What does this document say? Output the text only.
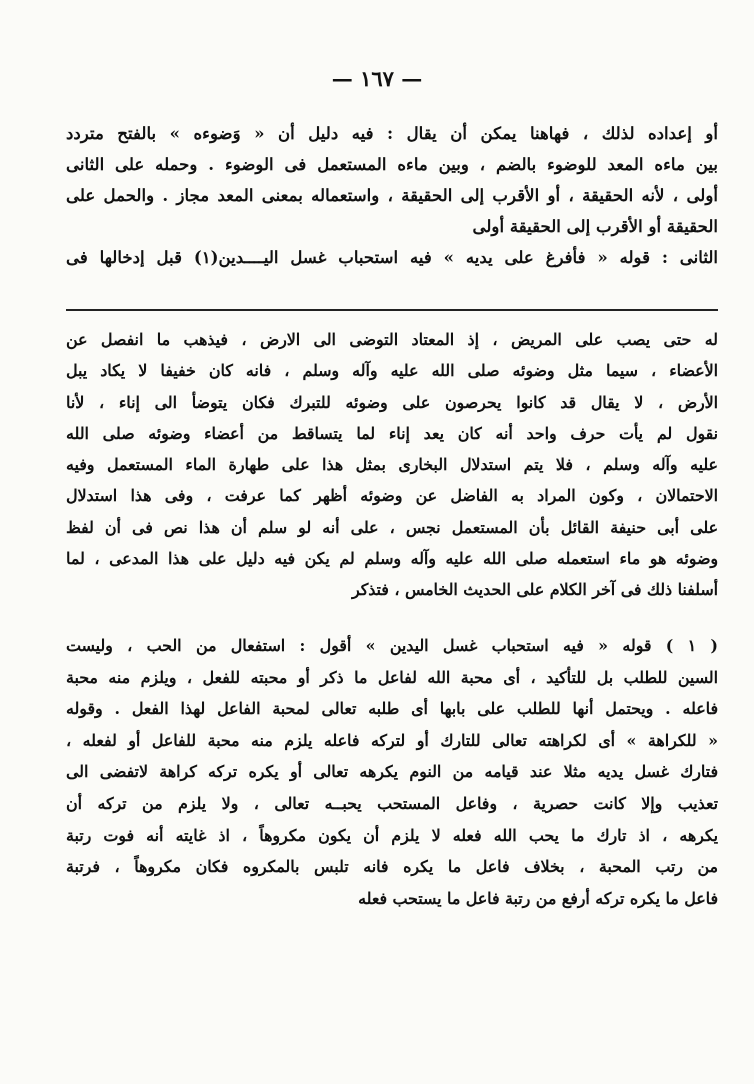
— ١٦٧ —
أو إعداده لذلك ، فهاهنا يمكن أن يقال : فيه دليل أن « وَضوءه » بالفتح متردد
بين ماءه المعد للوضوء بالضم ، وبين ماءه المستعمل فى الوضوء . وحمله على الثانى
أولى ، لأنه الحقيقة ، أو الأقرب إلى الحقيقة ، واستعماله بمعنى المعد مجاز . والحمل على
الحقيقة أو الأقرب إلى الحقيقة أولى
الثانى : قوله « فأفرغ على يديه » فيه استحباب غسل اليــــدين(١) قبل إدخالها فى
له حتى يصب على المريض ، إذ المعتاد التوضى الى الارض ، فيذهب ما انفصل عن
الأعضاء ، سيما مثل وضوئه صلى الله عليه وآله وسلم ، فانه كان خفيفا لا يكاد يبل
الأرض ، لا يقال قد كانوا يحرصون على وضوئه للتبرك فكان يتوضأ الى إناء ، لأنا
نقول لم يأت حرف واحد أنه كان يعد إناء لما يتساقط من أعضاء وضوئه صلى الله
عليه وآله وسلم ، فلا يتم استدلال البخارى بمثل هذا على طهارة الماء المستعمل وفيه
الاحتمالان ، وكون المراد به الفاضل عن وضوئه أظهر كما عرفت ، وفى هذا استدلال
على أبى حنيفة القائل بأن المستعمل نجس ، على أنه لو سلم أن هذا نص فى أن لفظ
وضوئه هو ماء استعمله صلى الله عليه وآله وسلم لم يكن فيه دليل على هذا المدعى ، لما
أسلفنا ذلك فى آخر الكلام على الحديث الخامس ، فتذكر
( ١ ) قوله « فيه استحباب غسل اليدين » أقول : استفعال من الحب ، وليست
السين للطلب بل للتأكيد ، أى محبة الله لفاعل ما ذكر أو محبته للفعل ، ويلزم منه محبة
فاعله . ويحتمل أنها للطلب على بابها أى طلبه تعالى لمحبة الفاعل لهذا الفعل . وقوله
« للكراهة » أى لكراهته تعالى للتارك أو لتركه فاعله يلزم منه محبة للفاعل أو لفعله ،
فتارك غسل يديه مثلا عند قيامه من النوم يكرهه تعالى أو يكره تركه كراهة لاتفضى الى
تعذيب وإلا كانت حصرية ، وفاعل المستحب يحبــه تعالى ، ولا يلزم من تركه أن
يكرهه ، اذ تارك ما يحب الله فعله لا يلزم أن يكون مكروهاً ، اذ غايته أنه فوت رتبة
من رتب المحبة ، بخلاف فاعل ما يكره فانه تلبس بالمكروه فكان مكروهاً ، فرتبة
فاعل ما يكره تركه أرفع من رتبة فاعل ما يستحب فعله
